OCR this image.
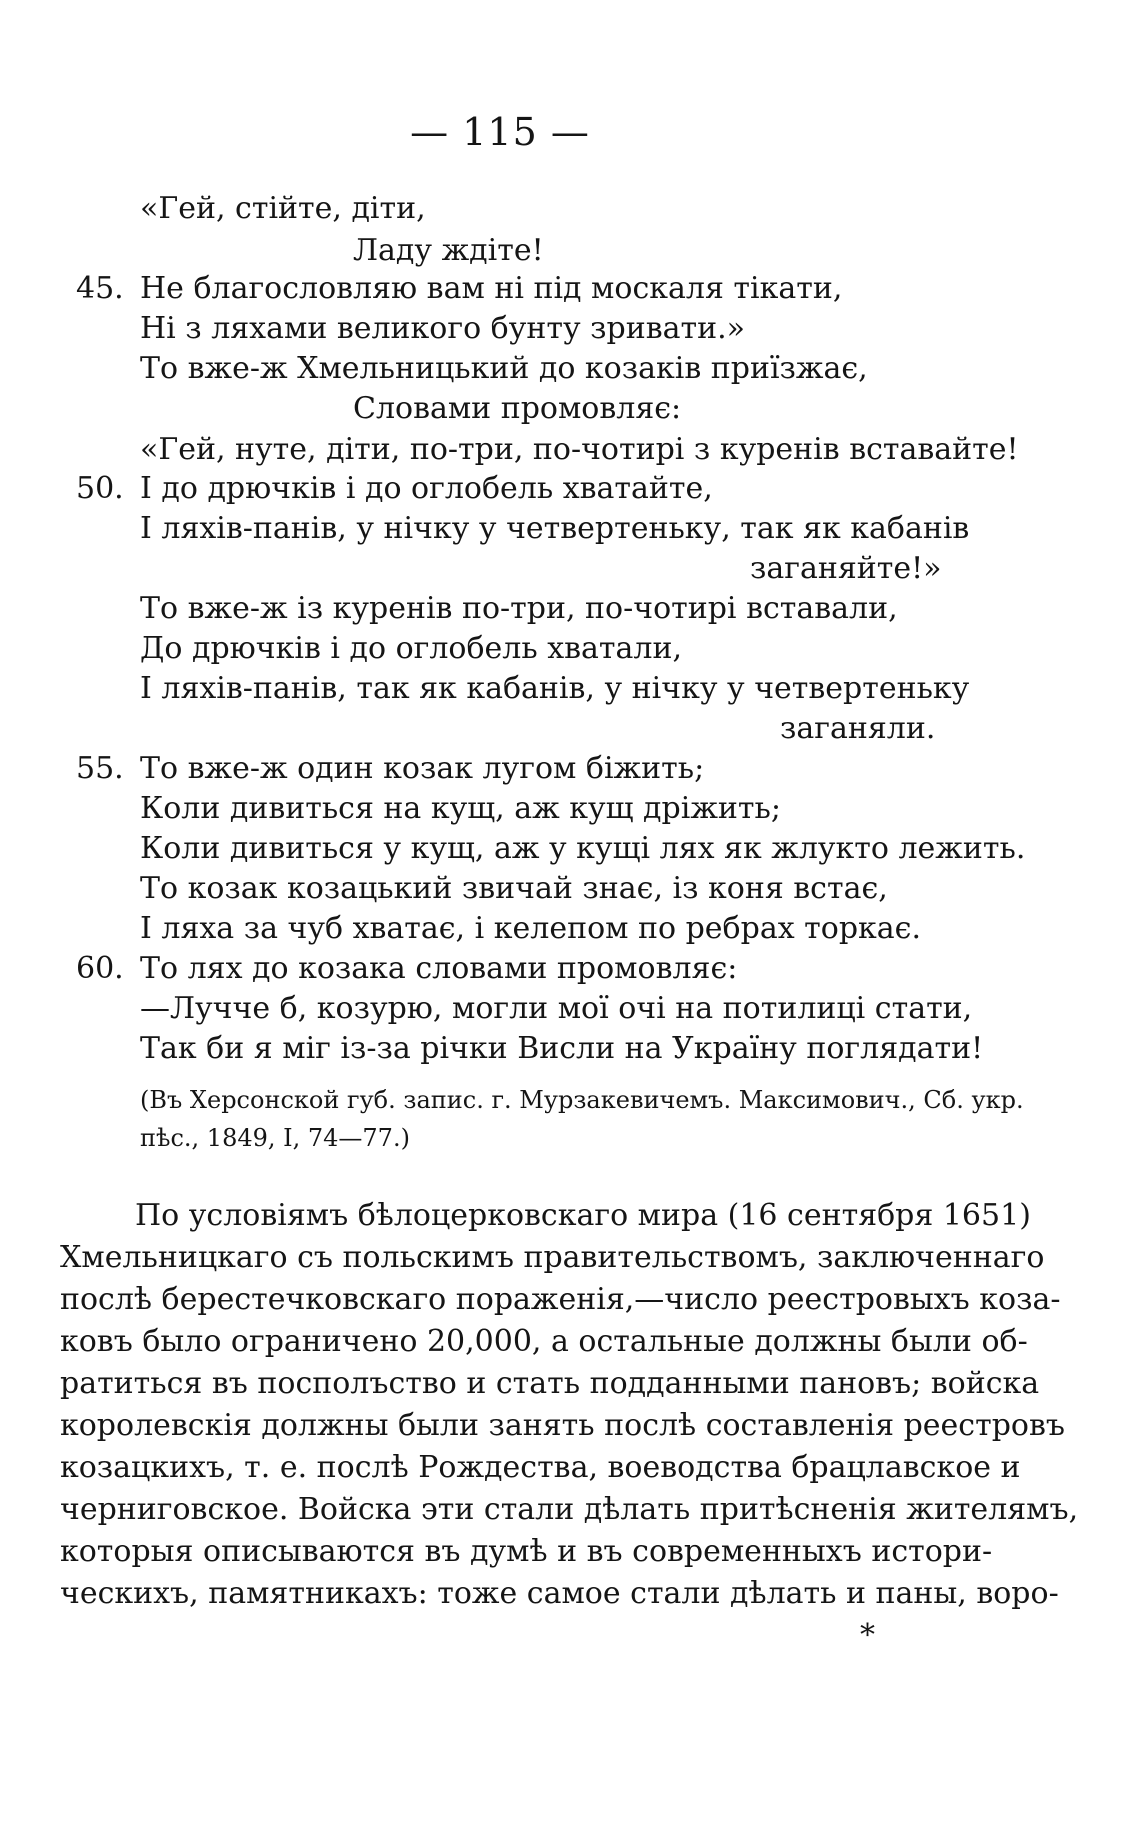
— 115 —
«Гей, стійте, діти,
Ладу ждіте!
45. Не благословляю вам ні під москаля тікати,
Ні з ляхами великого бунту зривати.»
То вже-ж Хмельницький до козаків приїзжає,
Словами промовляє:
«Гей, нуте, діти, по-три, по-чотирі з куренів вставайте!
50. І до дрючків і до оглобель хватайте,
І ляхів-панів, у нічку у четвертеньку, так як кабанів
заганяйте!»
То вже-ж із куренів по-три, по-чотирі вставали,
До дрючків і до оглобель хватали,
І ляхів-панів, так як кабанів, у нічку у четвертеньку
заганяли.
55. То вже-ж один козак лугом біжить;
Коли дивиться на кущ, аж кущ дріжить;
Коли дивиться у кущ, аж у кущі лях як жлукто лежить.
То козак козацький звичай знає, із коня встає,
І ляха за чуб хватає, і келепом по ребрах торкає.
60. То лях до козака словами промовляє:
—Лучче б, козурю, могли мої очі на потилиці стати,
Так би я міг із-за річки Висли на Україну поглядати!
(Въ Херсонской губ. запис. г. Мурзакевичемъ. Максимович., Сб. укр.
пѣс., 1849, I, 74—77.)
По условіямъ бѣлоцерковскаго мира (16 сентября 1651)
Хмельницкаго съ польскимъ правительствомъ, заключеннаго
послѣ берестечковскаго пораженія,—число реестровыхъ коза-
ковъ было ограничено 20,000, а остальные должны были об-
ратиться въ посполъство и стать подданными пановъ; войска
королевскія должны были занять послѣ составленія реестровъ
козацкихъ, т. е. послѣ Рождества, воеводства брацлавское и
черниговское. Войска эти стали дѣлать притѣсненія жителямъ,
которыя описываются въ думѣ и въ современныхъ истори-
ческихъ, памятникахъ: тоже самое стали дѣлать и паны, воро-
*
